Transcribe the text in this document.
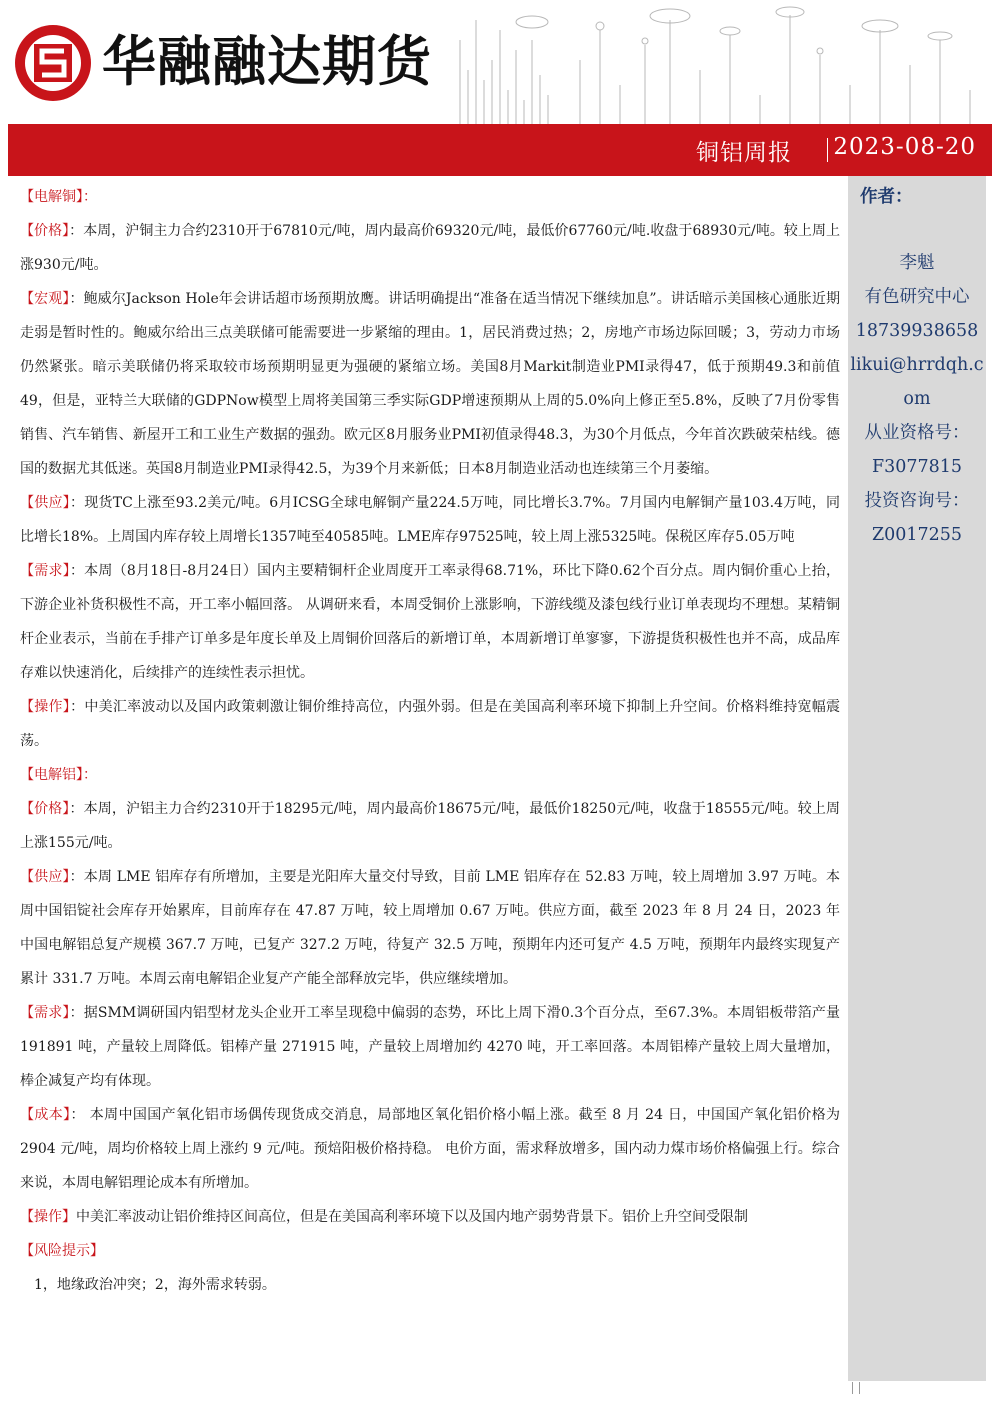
华融融达期货
铜铝周报 2023-08-20
作者：
李魁
有色研究中心
18739938658
likui@hrrdqh.com
从业资格号：
F3077815
投资咨询号：
Z0017255

【电解铜】：

【价格】：本周，沪铜主力合约2310开于67810元/吨，周内最高价69320元/吨，最低价67760元/吨.收盘于68930元/吨。较上周上涨930元/吨。

【宏观】：鲍威尔Jackson Hole年会讲话超市场预期放鹰。讲话明确提出“准备在适当情况下继续加息”。讲话暗示美国核心通胀近期走弱是暂时性的。鲍威尔给出三点美联储可能需要进一步紧缩的理由。1，居民消费过热；2，房地产市场边际回暖；3，劳动力市场仍然紧张。暗示美联储仍将采取较市场预期明显更为强硬的紧缩立场。美国8月Markit制造业PMI录得47，低于预期49.3和前值49，但是，亚特兰大联储的GDPNow模型上周将美国第三季实际GDP增速预期从上周的5.0%向上修正至5.8%，反映了7月份零售销售、汽车销售、新屋开工和工业生产数据的强劲。欧元区8月服务业PMI初值录得48.3，为30个月低点，今年首次跌破荣枯线。德国的数据尤其低迷。英国8月制造业PMI录得42.5，为39个月来新低；日本8月制造业活动也连续第三个月萎缩。

【供应】：现货TC上涨至93.2美元/吨。6月ICSG全球电解铜产量224.5万吨，同比增长3.7%。7月国内电解铜产量103.4万吨，同比增长18%。上周国内库存较上周增长1357吨至40585吨。LME库存97525吨，较上周上涨5325吨。保税区库存5.05万吨

【需求】：本周（8月18日-8月24日）国内主要精铜杆企业周度开工率录得68.71%，环比下降0.62个百分点。周内铜价重心上抬，下游企业补货积极性不高，开工率小幅回落。 从调研来看，本周受铜价上涨影响，下游线缆及漆包线行业订单表现均不理想。某精铜杆企业表示，当前在手排产订单多是年度长单及上周铜价回落后的新增订单，本周新增订单寥寥，下游提货积极性也并不高，成品库存难以快速消化，后续排产的连续性表示担忧。

【操作】：中美汇率波动以及国内政策刺激让铜价维持高位，内强外弱。但是在美国高利率环境下抑制上升空间。价格料维持宽幅震荡。

【电解铝】：

【价格】：本周，沪铝主力合约2310开于18295元/吨，周内最高价18675元/吨，最低价18250元/吨，收盘于18555元/吨。较上周上涨155元/吨。

【供应】：本周 LME 铝库存有所增加，主要是光阳库大量交付导致，目前 LME 铝库存在 52.83 万吨，较上周增加 3.97 万吨。本周中国铝锭社会库存开始累库，目前库存在 47.87 万吨，较上周增加 0.67 万吨。供应方面，截至 2023 年 8 月 24 日，2023 年中国电解铝总复产规模 367.7 万吨，已复产 327.2 万吨，待复产 32.5 万吨，预期年内还可复产 4.5 万吨，预期年内最终实现复产累计 331.7 万吨。本周云南电解铝企业复产产能全部释放完毕，供应继续增加。

【需求】：据SMM调研国内铝型材龙头企业开工率呈现稳中偏弱的态势，环比上周下滑0.3个百分点，至67.3%。本周铝板带箔产量 191891 吨，产量较上周降低。铝棒产量 271915 吨，产量较上周增加约 4270 吨，开工率回落。本周铝棒产量较上周大量增加，棒企减复产均有体现。

【成本】： 本周中国国产氧化铝市场偶传现货成交消息，局部地区氧化铝价格小幅上涨。截至 8 月 24 日，中国国产氧化铝价格为 2904 元/吨，周均价格较上周上涨约 9 元/吨。预焙阳极价格持稳。 电价方面，需求释放增多，国内动力煤市场价格偏强上行。综合来说，本周电解铝理论成本有所增加。

【操作】中美汇率波动让铝价维持区间高位，但是在美国高利率环境下以及国内地产弱势背景下。铝价上升空间受限制

【风险提示】

1，地缘政治冲突；2，海外需求转弱。
